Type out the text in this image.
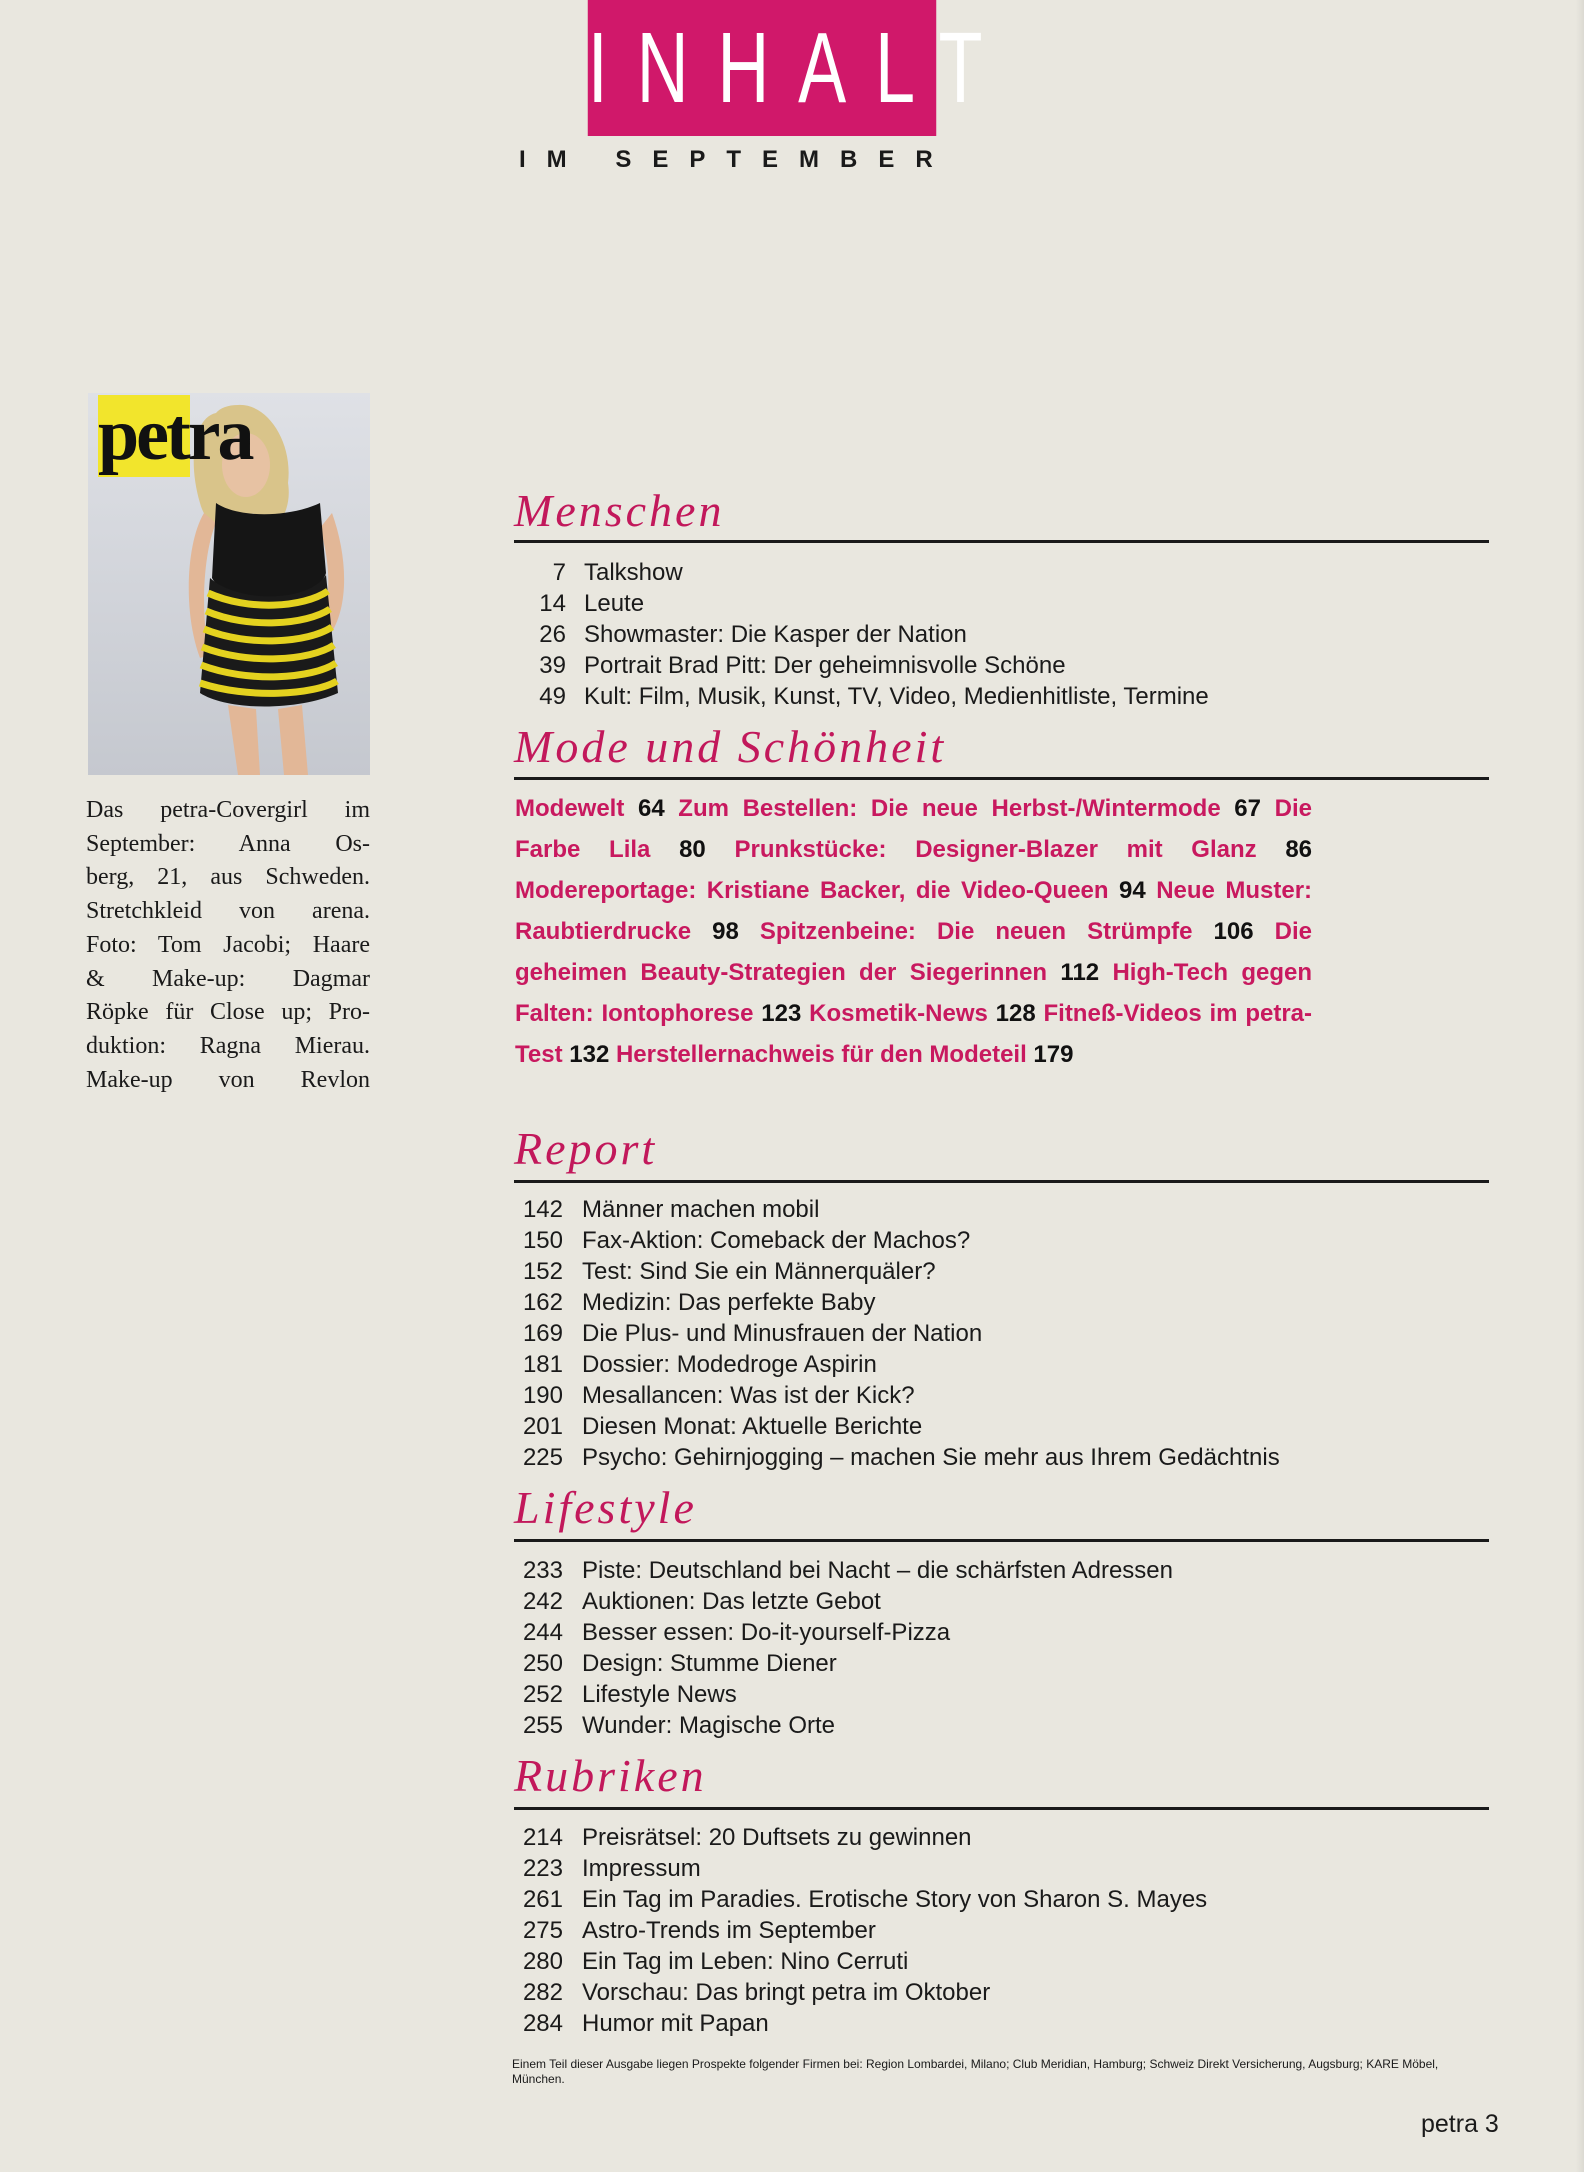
INHALT
IM SEPTEMBER
petra
Das petra-Covergirl im
September: Anna Os-
berg, 21, aus Schweden.
Stretchkleid von arena.
Foto: Tom Jacobi; Haare
& Make-up: Dagmar
Röpke für Close up; Pro-
duktion: Ragna Mierau.
Make-up von Revlon
Menschen
7 Talkshow
14 Leute
26 Showmaster: Die Kasper der Nation
39 Portrait Brad Pitt: Der geheimnisvolle Schöne
49 Kult: Film, Musik, Kunst, TV, Video, Medienhitliste, Termine
Mode und Schönheit
Modewelt 64 Zum Bestellen: Die neue Herbst-/Wintermode 67 Die Farbe Lila 80 Prunkstücke: Designer-Blazer mit Glanz 86 Modereportage: Kristiane Backer, die Video-Queen 94 Neue Muster: Raubtierdrucke 98 Spitzenbeine: Die neuen Strümpfe 106 Die geheimen Beauty-Strategien der Siegerinnen 112 High-Tech gegen Falten: Iontophorese 123 Kosmetik-News 128 Fitneß-Videos im petra-Test 132 Herstellernachweis für den Modeteil 179
Report
142 Männer machen mobil
150 Fax-Aktion: Comeback der Machos?
152 Test: Sind Sie ein Männerquäler?
162 Medizin: Das perfekte Baby
169 Die Plus- und Minusfrauen der Nation
181 Dossier: Modedroge Aspirin
190 Mesallancen: Was ist der Kick?
201 Diesen Monat: Aktuelle Berichte
225 Psycho: Gehirnjogging – machen Sie mehr aus Ihrem Gedächtnis
Lifestyle
233 Piste: Deutschland bei Nacht – die schärfsten Adressen
242 Auktionen: Das letzte Gebot
244 Besser essen: Do-it-yourself-Pizza
250 Design: Stumme Diener
252 Lifestyle News
255 Wunder: Magische Orte
Rubriken
214 Preisrätsel: 20 Duftsets zu gewinnen
223 Impressum
261 Ein Tag im Paradies. Erotische Story von Sharon S. Mayes
275 Astro-Trends im September
280 Ein Tag im Leben: Nino Cerruti
282 Vorschau: Das bringt petra im Oktober
284 Humor mit Papan
Einem Teil dieser Ausgabe liegen Prospekte folgender Firmen bei: Region Lombardei, Milano; Club Meridian, Hamburg; Schweiz Direkt Versicherung, Augsburg; KARE Möbel, München.
petra 3
